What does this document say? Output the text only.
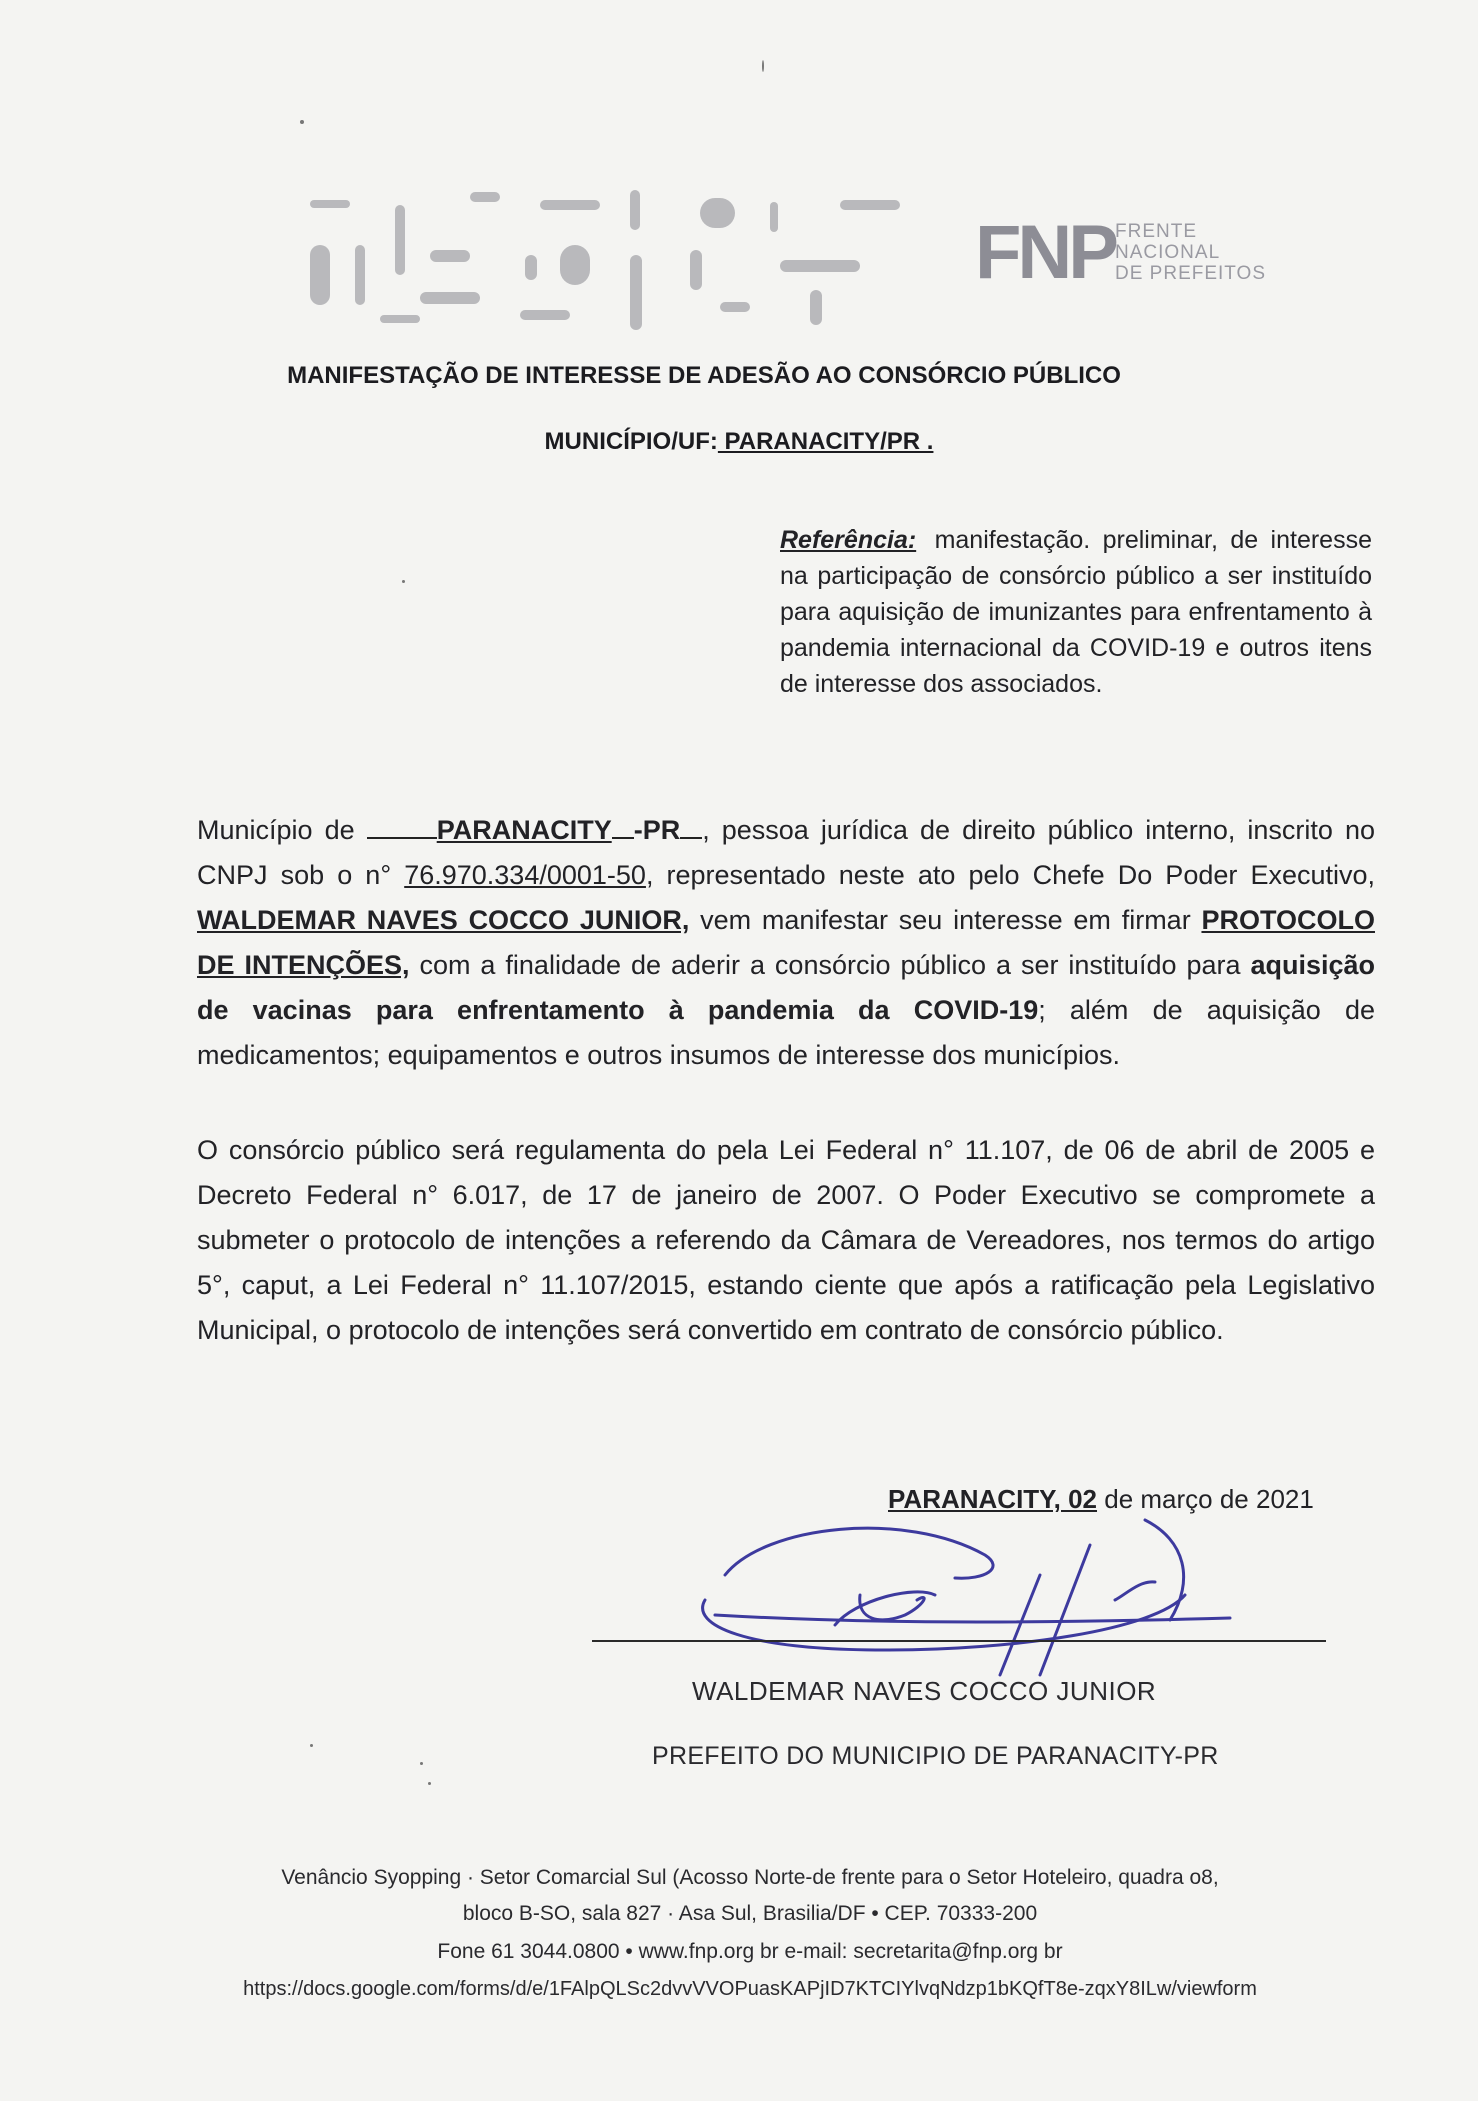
FNP FRENTE
NACIONAL
DE PREFEITOS
MANIFESTAÇÃO DE INTERESSE DE ADESÃO AO CONSÓRCIO PÚBLICO
MUNICÍPIO/UF: PARANACITY/PR .
Referência: manifestação. preliminar, de interesse na participação de consórcio público a ser instituído para aquisição de imunizantes para enfrentamento à pandemia internacional da COVID-19 e outros itens de interesse dos associados.
Município de	PARANACITY -PR , pessoa jurídica de direito público interno, inscrito no CNPJ sob o n° 76.970.334/0001-50, representado neste ato pelo Chefe Do Poder Executivo, WALDEMAR NAVES COCCO JUNIOR, vem manifestar seu interesse em firmar PROTOCOLO DE INTENÇÕES, com a finalidade de aderir a consórcio público a ser instituído para aquisição de vacinas para enfrentamento à pandemia da COVID-19; além de aquisição de medicamentos; equipamentos e outros insumos de interesse dos municípios.
O consórcio público será regulamenta do pela Lei Federal n° 11.107, de 06 de abril de 2005 e Decreto Federal n° 6.017, de 17 de janeiro de 2007. O Poder Executivo se compromete a submeter o protocolo de intenções a referendo da Câmara de Vereadores, nos termos do artigo 5°, caput, a Lei Federal n° 11.107/2015, estando ciente que após a ratificação pela Legislativo Municipal, o protocolo de intenções será convertido em contrato de consórcio público.
PARANACITY, 02 de março de 2021
WALDEMAR NAVES COCCO JUNIOR
PREFEITO DO MUNICIPIO DE PARANACITY-PR
Venâncio Syopping · Setor Comarcial Sul (Acosso Norte-de frente para o Setor Hoteleiro, quadra o8,
bloco B-SO, sala 827 · Asa Sul, Brasilia/DF • CEP. 70333-200
Fone 61 3044.0800 • www.fnp.org br e-mail: secretarita@fnp.org br
https://docs.google.com/forms/d/e/1FAlpQLSc2dvvVVOPuasKAPjID7KTCIYlvqNdzp1bKQfT8e-zqxY8ILw/viewform
